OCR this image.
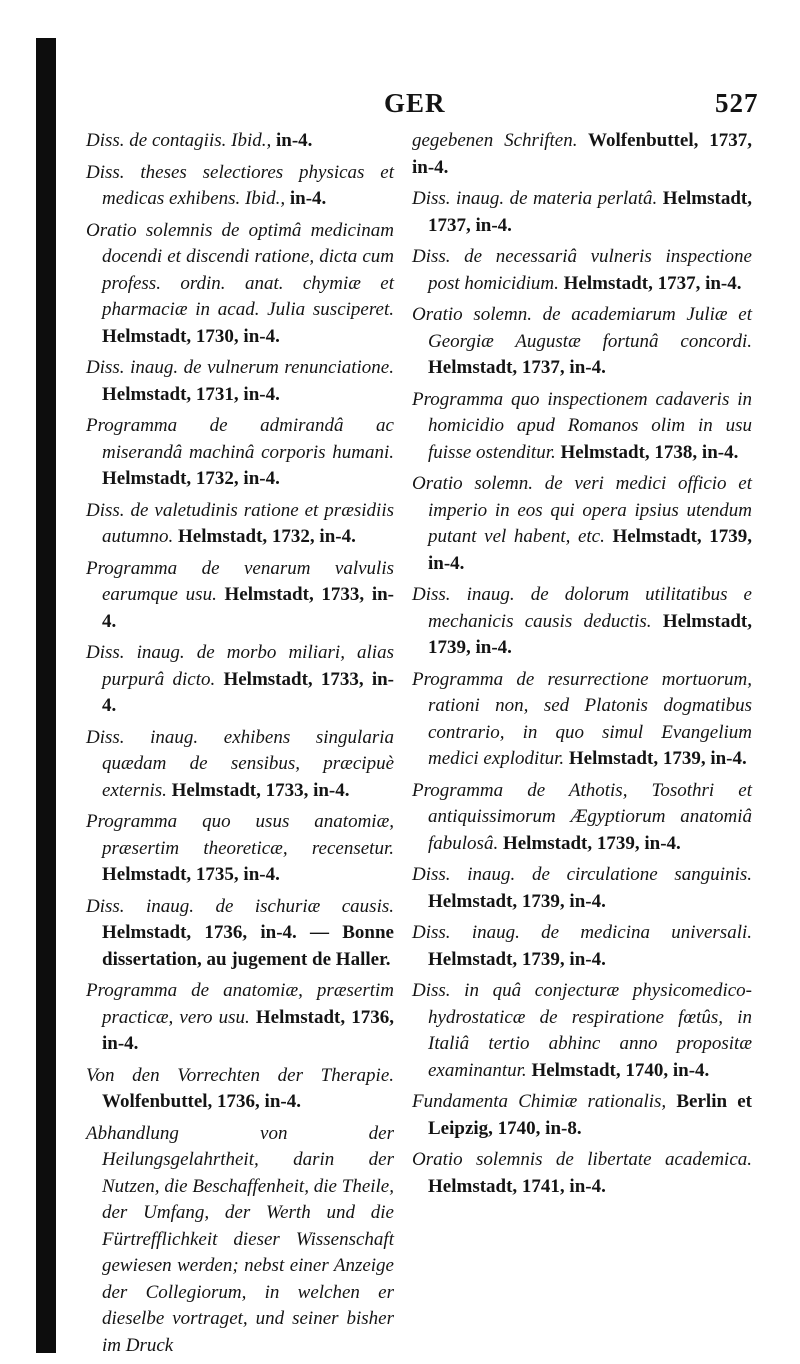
GER	527

Diss. de contagiis. Ibid., in-4.

Diss. theses selectiores physicas et medicas exhibens. Ibid., in-4.

Oratio solemnis de optimâ medicinam docendi et discendi ratione, dicta cum profess. ordin. anat. chymiæ et pharmaciæ in acad. Julia susciperet. Helmstadt, 1730, in-4.

Diss. inaug. de vulnerum renunciatione. Helmstadt, 1731, in-4.

Programma de admirandâ ac miserandâ machinâ corporis humani. Helmstadt, 1732, in-4.

Diss. de valetudinis ratione et præsidiis autumno. Helmstadt, 1732, in-4.

Programma de venarum valvulis earumque usu. Helmstadt, 1733, in-4.

Diss. inaug. de morbo miliari, alias purpurâ dicto. Helmstadt, 1733, in-4.

Diss. inaug. exhibens singularia quædam de sensibus, præcipuè externis. Helmstadt, 1733, in-4.

Programma quo usus anatomiæ, præsertim theoreticæ, recensetur. Helmstadt, 1735, in-4.

Diss. inaug. de ischuriæ causis. Helmstadt, 1736, in-4. — Bonne dissertation, au jugement de Haller.

Programma de anatomiæ, præsertim practicæ, vero usu. Helmstadt, 1736, in-4.

Von den Vorrechten der Therapie. Wolfenbuttel, 1736, in-4.

Abhandlung von der Heilungsgelahrtheit, darin der Nutzen, die Beschaffenheit, die Theile, der Umfang, der Werth und die Fürtrefflichkeit dieser Wissenschaft gewiesen werden; nebst einer Anzeige der Collegiorum, in welchen er dieselbe vortraget, und seiner bisher im Druck

gegebenen Schriften. Wolfenbuttel, 1737, in-4.

Diss. inaug. de materia perlatâ. Helmstadt, 1737, in-4.

Diss. de necessariâ vulneris inspectione post homicidium. Helmstadt, 1737, in-4.

Oratio solemn. de academiarum Juliæ et Georgiæ Augustæ fortunâ concordi. Helmstadt, 1737, in-4.

Programma quo inspectionem cadaveris in homicidio apud Romanos olim in usu fuisse ostenditur. Helmstadt, 1738, in-4.

Oratio solemn. de veri medici officio et imperio in eos qui opera ipsius utendum putant vel habent, etc. Helmstadt, 1739, in-4.

Diss. inaug. de dolorum utilitatibus e mechanicis causis deductis. Helmstadt, 1739, in-4.

Programma de resurrectione mortuorum, rationi non, sed Platonis dogmatibus contrario, in quo simul Evangelium medici exploditur. Helmstadt, 1739, in-4.

Programma de Athotis, Tosothri et antiquissimorum Ægyptiorum anatomiâ fabulosâ. Helmstadt, 1739, in-4.

Diss. inaug. de circulatione sanguinis. Helmstadt, 1739, in-4.

Diss. inaug. de medicina universali. Helmstadt, 1739, in-4.

Diss. in quâ conjecturæ physicomedico-hydrostaticæ de respiratione fœtûs, in Italiâ tertio abhinc anno propositæ examinantur. Helmstadt, 1740, in-4.

Fundamenta Chimiæ rationalis, Berlin et Leipzig, 1740, in-8.

Oratio solemnis de libertate academica. Helmstadt, 1741, in-4.
